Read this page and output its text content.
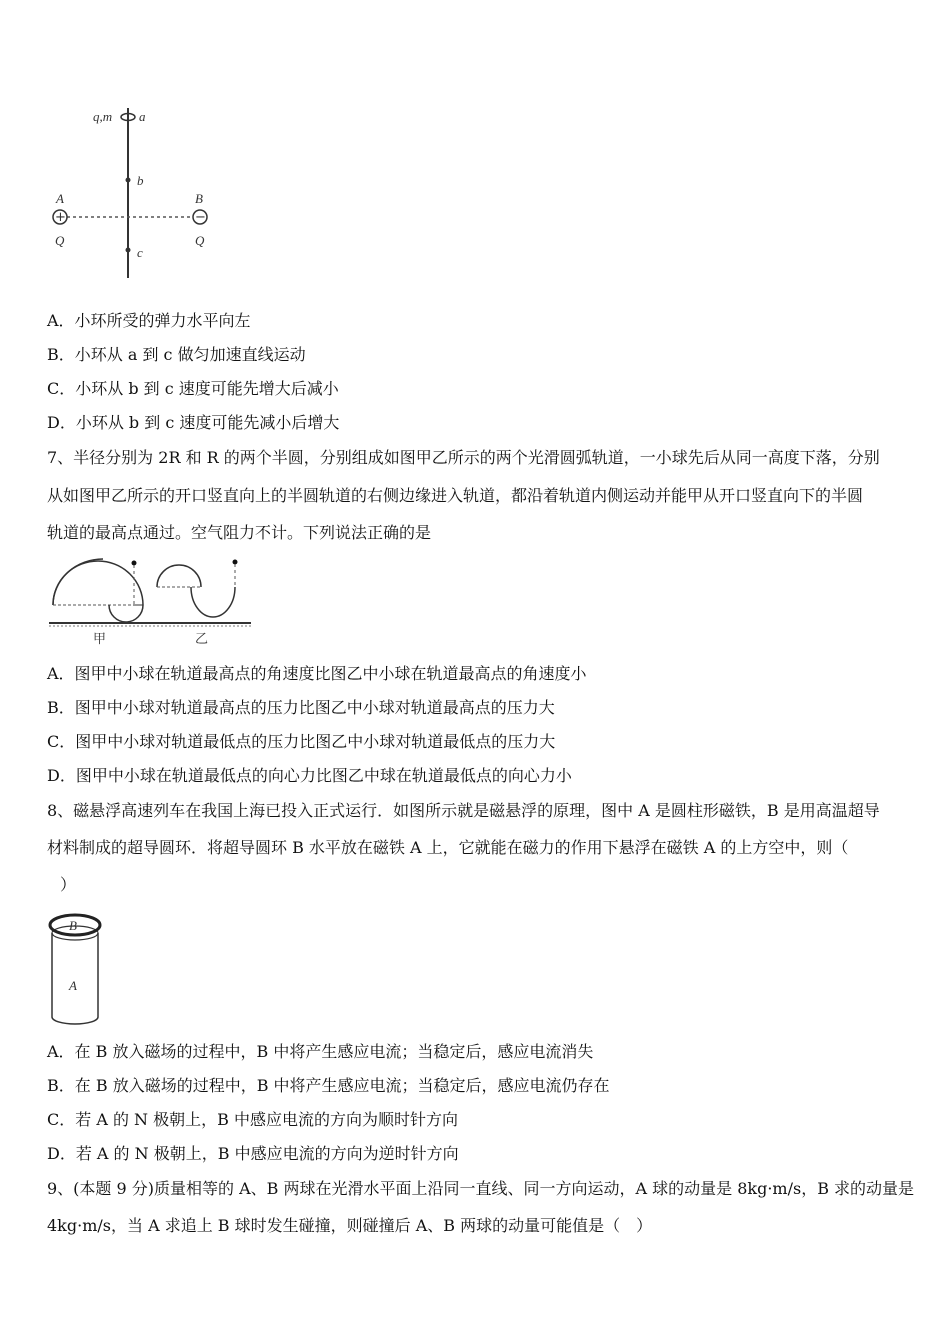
q,m a
b
c
+
A
Q
−
B
Q
A．小环所受的弹力水平向左
B．小环从 a 到 c 做匀加速直线运动
C．小环从 b 到 c 速度可能先增大后减小
D．小环从 b 到 c 速度可能先减小后增大
7、半径分别为 2R 和 R 的两个半圆，分别组成如图甲乙所示的两个光滑圆弧轨道，一小球先后从同一高度下落，分别
从如图甲乙所示的开口竖直向上的半圆轨道的右侧边缘进入轨道，都沿着轨道内侧运动并能甲从开口竖直向下的半圆
轨道的最高点通过。空气阻力不计。下列说法正确的是
甲	乙
A．图甲中小球在轨道最高点的角速度比图乙中小球在轨道最高点的角速度小
B．图甲中小球对轨道最高点的压力比图乙中小球对轨道最高点的压力大
C．图甲中小球对轨道最低点的压力比图乙中小球对轨道最低点的压力大
D．图甲中小球在轨道最低点的向心力比图乙中球在轨道最低点的向心力小
8、磁悬浮高速列车在我国上海已投入正式运行．如图所示就是磁悬浮的原理，图中 A 是圆柱形磁铁，B 是用高温超导
材料制成的超导圆环．将超导圆环 B 水平放在磁铁 A 上，它就能在磁力的作用下悬浮在磁铁 A 的上方空中，则（
）
B
A
A．在 B 放入磁场的过程中，B 中将产生感应电流；当稳定后，感应电流消失
B．在 B 放入磁场的过程中，B 中将产生感应电流；当稳定后，感应电流仍存在
C．若 A 的 N 极朝上，B 中感应电流的方向为顺时针方向
D．若 A 的 N 极朝上，B 中感应电流的方向为逆时针方向
9、(本题 9 分)质量相等的 A、B 两球在光滑水平面上沿同一直线、同一方向运动，A 球的动量是 8kg·m/s，B 求的动量是
4kg·m/s，当 A 求追上 B 球时发生碰撞，则碰撞后 A、B 两球的动量可能值是（　）
